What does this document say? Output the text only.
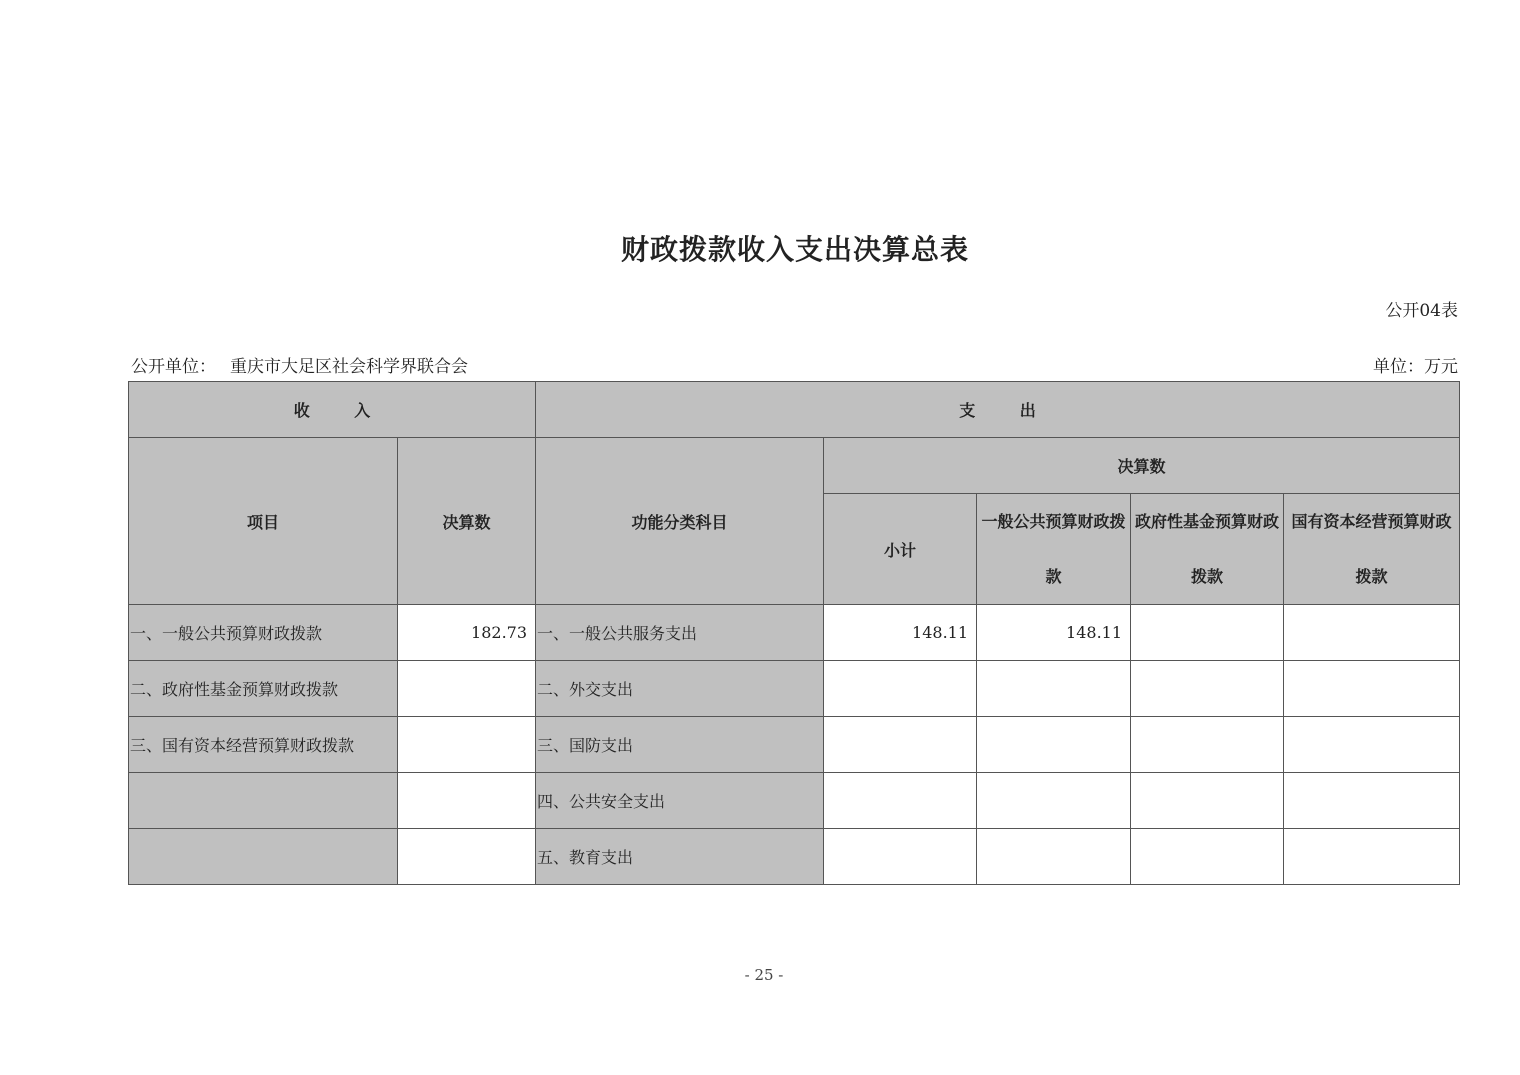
财政拨款收入支出决算总表
公开04表
公开单位： 重庆市大足区社会科学界联合会	单位：万元
收        入		支        出				
项目	决算数	功能分类科目	决算数			
			小计	一般公共预算财政拨款	政府性基金预算财政拨款	国有资本经营预算财政拨款

一、一般公共预算财政拨款	182.73	一、一般公共服务支出	148.11	148.11		
二、政府性基金预算财政拨款		二、外交支出				
三、国有资本经营预算财政拨款		三、国防支出				
		四、公共安全支出				
		五、教育支出				
- 25 -
